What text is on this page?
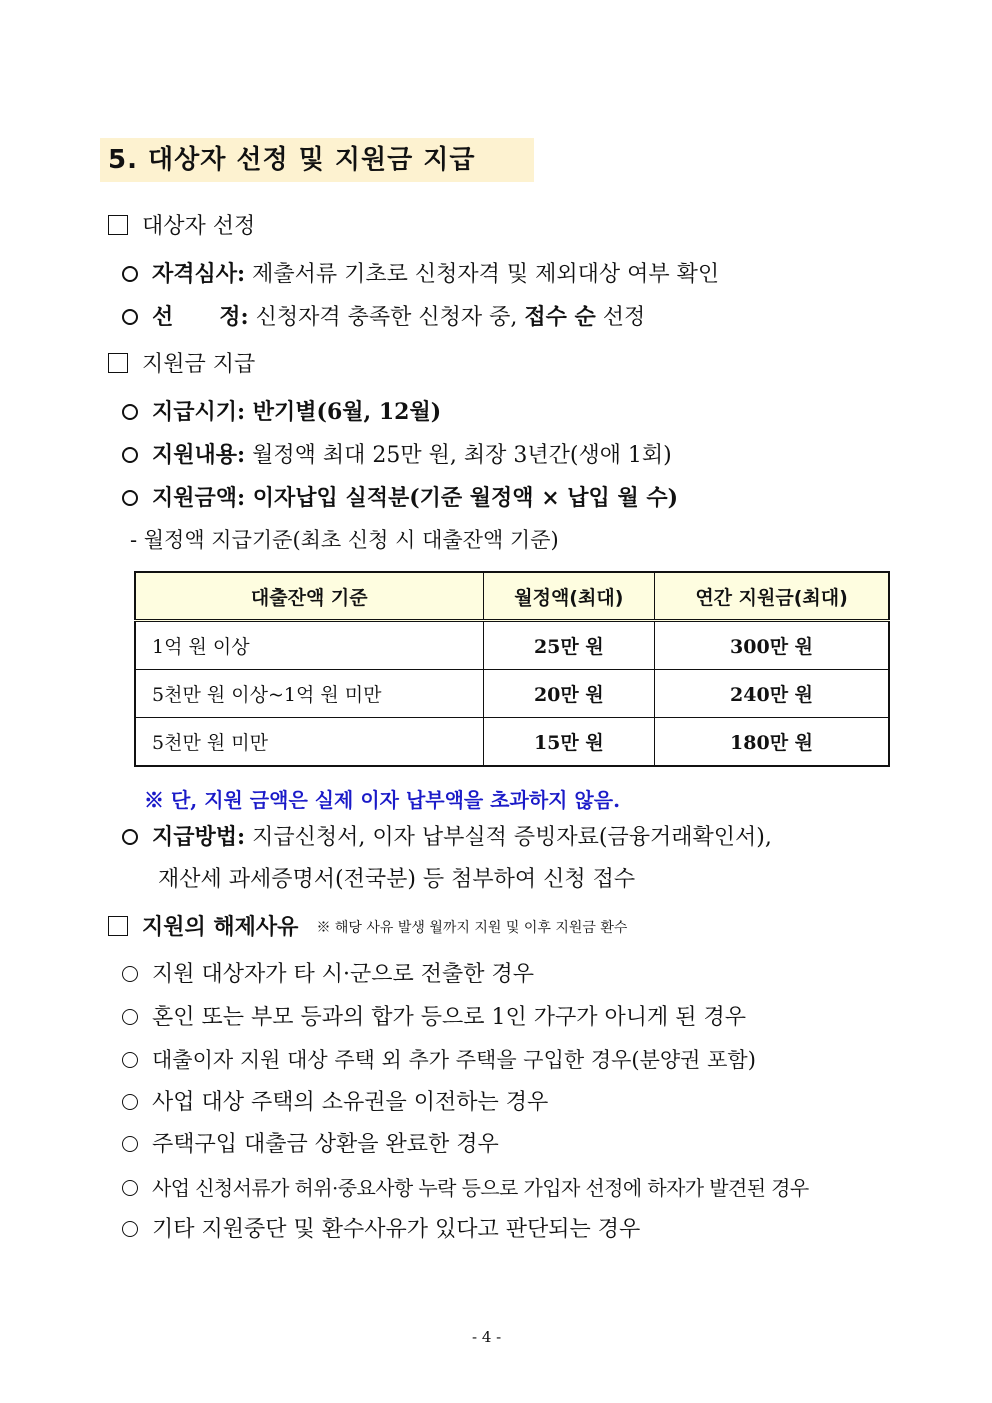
5. 대상자 선정 및 지원금 지급
대상자 선정
자격심사: 제출서류 기초로 신청자격 및 제외대상 여부 확인
선      정: 신청자격 충족한 신청자 중, 접수 순 선정
지원금 지급
지급시기: 반기별(6월, 12월)
지원내용: 월정액 최대 25만 원, 최장 3년간(생애 1회)
지원금액: 이자납입 실적분(기준 월정액 × 납입 월 수)
- 월정액 지급기준(최초 신청 시 대출잔액 기준)
대출잔액 기준	월정액(최대)	연간 지원금(최대)
1억 원 이상	25만 원	300만 원
5천만 원 이상~1억 원 미만	20만 원	240만 원
5천만 원 미만	15만 원	180만 원
※ 단, 지원 금액은 실제 이자 납부액을 초과하지 않음.
지급방법: 지급신청서, 이자 납부실적 증빙자료(금융거래확인서),
재산세 과세증명서(전국분) 등 첨부하여 신청 접수
지원의 해제사유 ※ 해당 사유 발생 월까지 지원 및 이후 지원금 환수
지원 대상자가 타 시·군으로 전출한 경우
혼인 또는 부모 등과의 합가 등으로 1인 가구가 아니게 된 경우
대출이자 지원 대상 주택 외 추가 주택을 구입한 경우(분양권 포함)
사업 대상 주택의 소유권을 이전하는 경우
주택구입 대출금 상환을 완료한 경우
사업 신청서류가 허위·중요사항 누락 등으로 가입자 선정에 하자가 발견된 경우
기타 지원중단 및 환수사유가 있다고 판단되는 경우
- 4 -
